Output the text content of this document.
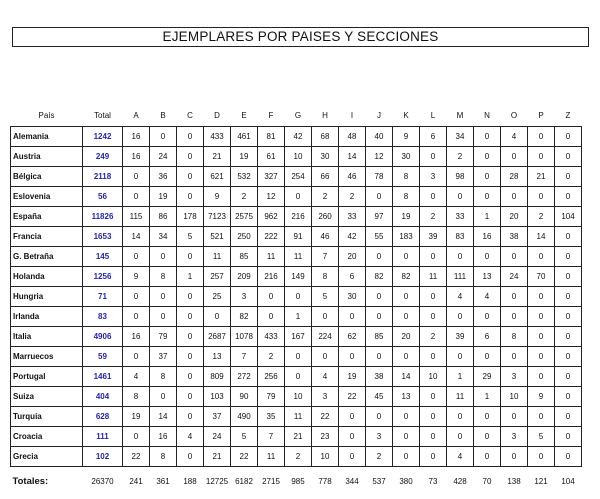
EJEMPLARES POR PAISES Y SECCIONES
País	Total	A	B	C	D	E	F	G	H	I	J	K	L	M	N	O	P	Z
Alemania	1242	16	0	0	433	461	81	42	68	48	40	9	6	34	0	4	0	0
Austria	249	16	24	0	21	19	61	10	30	14	12	30	0	2	0	0	0	0
Bélgica	2118	0	36	0	621	532	327	254	66	46	78	8	3	98	0	28	21	0
Eslovenia	56	0	19	0	9	2	12	0	2	2	0	8	0	0	0	0	0	0
España	11826	115	86	178	7123	2575	962	216	260	33	97	19	2	33	1	20	2	104
Francia	1653	14	34	5	521	250	222	91	46	42	55	183	39	83	16	38	14	0
G. Betraña	145	0	0	0	11	85	11	11	7	20	0	0	0	0	0	0	0	0
Holanda	1256	9	8	1	257	209	216	149	8	6	82	82	11	111	13	24	70	0
Hungria	71	0	0	0	25	3	0	0	5	30	0	0	0	4	4	0	0	0
Irlanda	83	0	0	0	0	82	0	1	0	0	0	0	0	0	0	0	0	0
Italia	4906	16	79	0	2687	1078	433	167	224	62	85	20	2	39	6	8	0	0
Marruecos	59	0	37	0	13	7	2	0	0	0	0	0	0	0	0	0	0	0
Portugal	1461	4	8	0	809	272	256	0	4	19	38	14	10	1	29	3	0	0
Suiza	404	8	0	0	103	90	79	10	3	22	45	13	0	11	1	10	9	0
Turquia	628	19	14	0	37	490	35	11	22	0	0	0	0	0	0	0	0	0
Croacia	111	0	16	4	24	5	7	21	23	0	3	0	0	0	0	3	5	0
Grecia	102	22	8	0	21	22	11	2	10	0	2	0	0	4	0	0	0	0

Totales:	26370	241	361	188	12725	6182	2715	985	778	344	537	380	73	428	70	138	121	104
